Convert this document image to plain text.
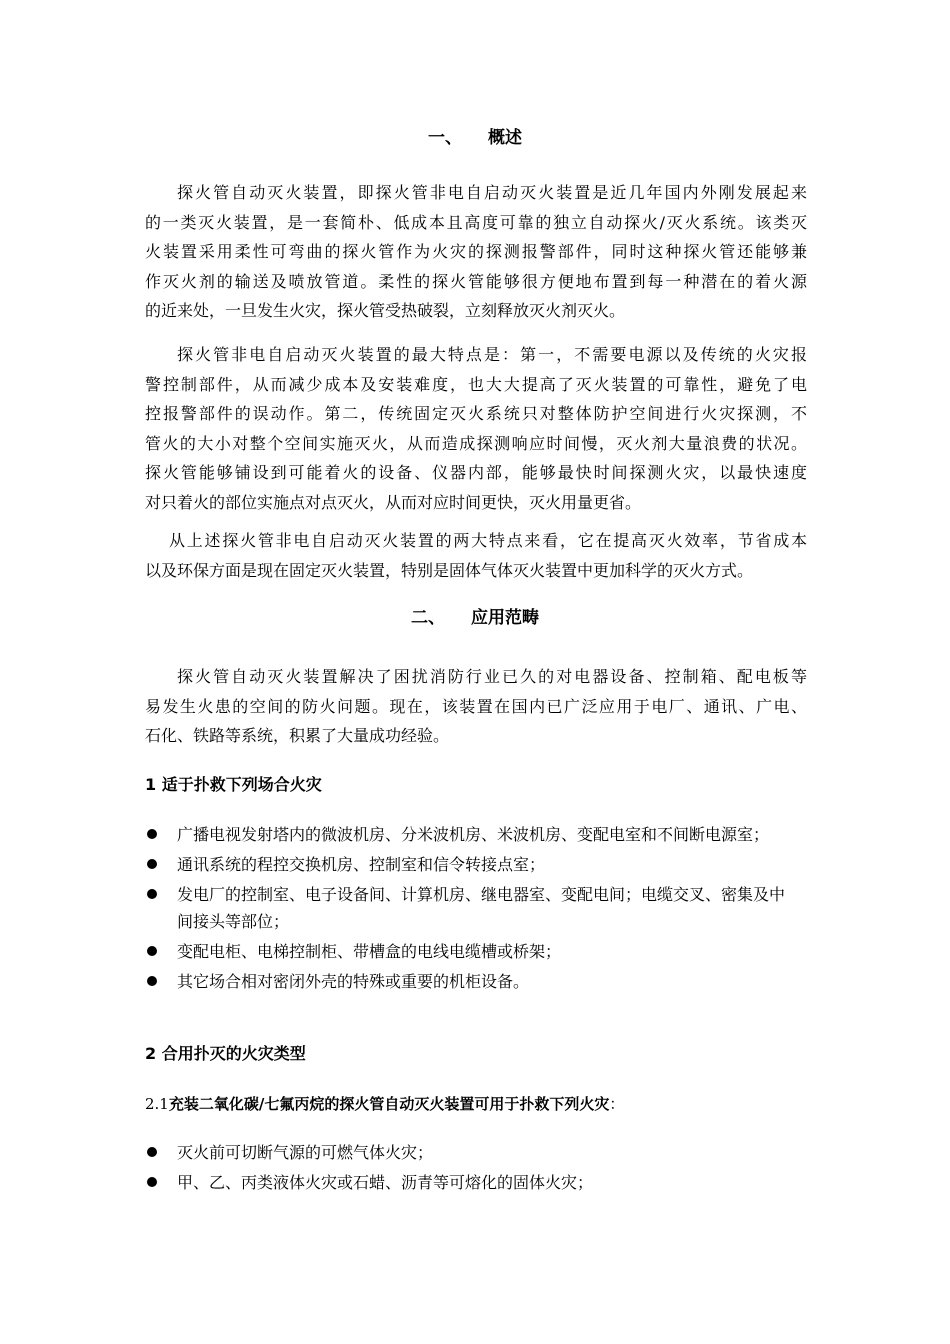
一、 概述
探火管自动灭火装置，即探火管非电自启动灭火装置是近几年国内外刚发展起来
的一类灭火装置，是一套简朴、低成本且高度可靠的独立自动探火/灭火系统。该类灭
火装置采用柔性可弯曲的探火管作为火灾的探测报警部件，同时这种探火管还能够兼
作灭火剂的输送及喷放管道。柔性的探火管能够很方便地布置到每一种潜在的着火源
的近来处，一旦发生火灾，探火管受热破裂，立刻释放灭火剂灭火。
探火管非电自启动灭火装置的最大特点是：第一，不需要电源以及传统的火灾报
警控制部件，从而减少成本及安装难度，也大大提高了灭火装置的可靠性，避免了电
控报警部件的误动作。第二，传统固定灭火系统只对整体防护空间进行火灾探测，不
管火的大小对整个空间实施灭火，从而造成探测响应时间慢，灭火剂大量浪费的状况。
探火管能够铺设到可能着火的设备、仪器内部，能够最快时间探测火灾，以最快速度
对只着火的部位实施点对点灭火，从而对应时间更快，灭火用量更省。
从上述探火管非电自启动灭火装置的两大特点来看，它在提高灭火效率，节省成本
以及环保方面是现在固定灭火装置，特别是固体气体灭火装置中更加科学的灭火方式。
二、 应用范畴
探火管自动灭火装置解决了困扰消防行业已久的对电器设备、控制箱、配电板等
易发生火患的空间的防火问题。现在，该装置在国内已广泛应用于电厂、通讯、广电、
石化、铁路等系统，积累了大量成功经验。
1 适于扑救下列场合火灾
广播电视发射塔内的微波机房、分米波机房、米波机房、变配电室和不间断电源室；
通讯系统的程控交换机房、控制室和信令转接点室；
发电厂的控制室、电子设备间、计算机房、继电器室、变配电间；电缆交叉、密集及中间接头等部位；
变配电柜、电梯控制柜、带槽盒的电线电缆槽或桥架；
其它场合相对密闭外壳的特殊或重要的机柜设备。
2 合用扑灭的火灾类型
2.1充装二氧化碳/七氟丙烷的探火管自动灭火装置可用于扑救下列火灾：
灭火前可切断气源的可燃气体火灾；
甲、乙、丙类液体火灾或石蜡、沥青等可熔化的固体火灾；
